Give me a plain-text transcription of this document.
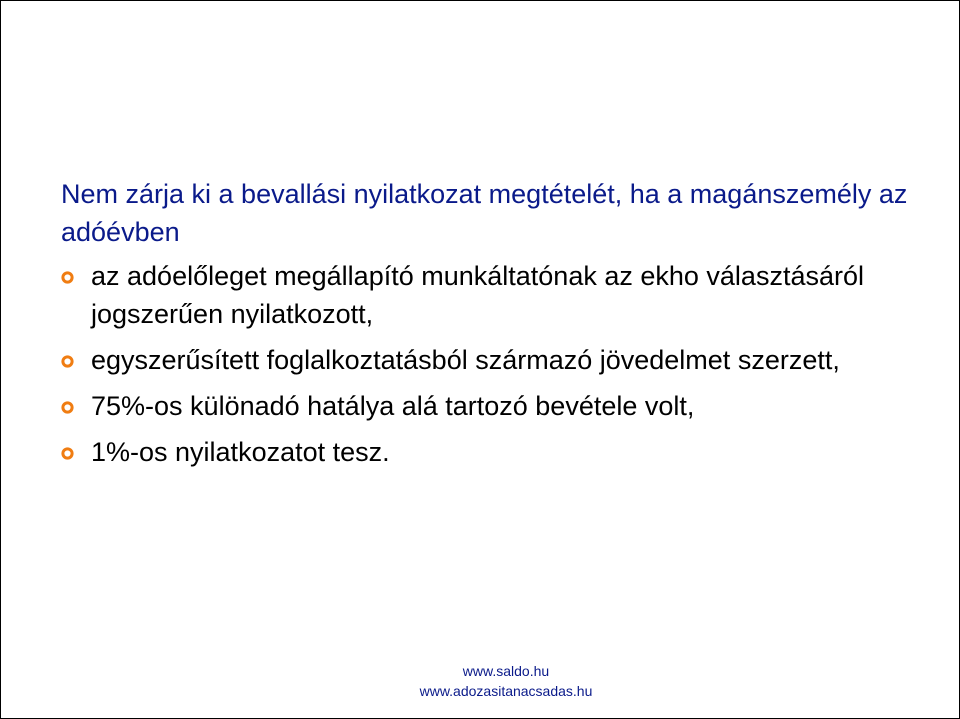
Nem zárja ki a bevallási nyilatkozat megtételét, ha a magánszemély az adóévben

az adóelőleget megállapító munkáltatónak az ekho választásáról jogszerűen nyilatkozott,
egyszerűsített foglalkoztatásból származó jövedelmet szerzett,
75%-os különadó hatálya alá tartozó bevétele volt,
1%-os nyilatkozatot tesz.
www.saldo.hu
www.adozasitanacsadas.hu
